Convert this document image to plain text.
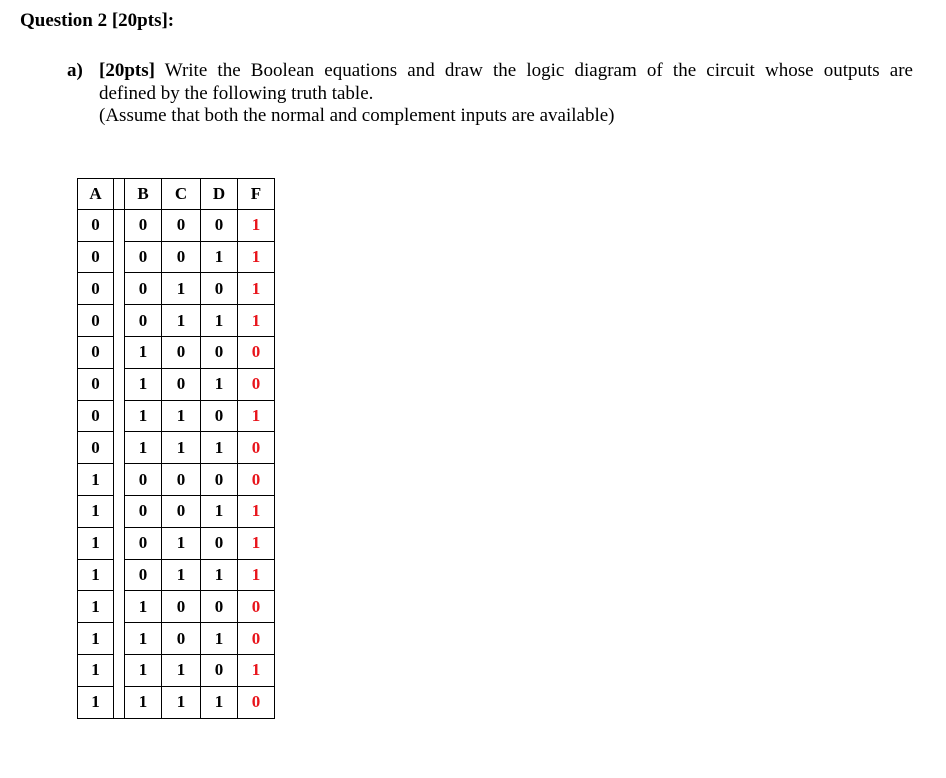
Question 2 [20pts]:
a) [20pts] Write the Boolean equations and draw the logic diagram of the circuit whose outputs are
defined by the following truth table.
(Assume that both the normal and complement inputs are available)
A		B	C	D	F
0		0	0	0	1
0		0	0	1	1
0		0	1	0	1
0		0	1	1	1
0		1	0	0	0
0		1	0	1	0
0		1	1	0	1
0		1	1	1	0
1		0	0	0	0
1		0	0	1	1
1		0	1	0	1
1		0	1	1	1
1		1	0	0	0
1		1	0	1	0
1		1	1	0	1
1		1	1	1	0
